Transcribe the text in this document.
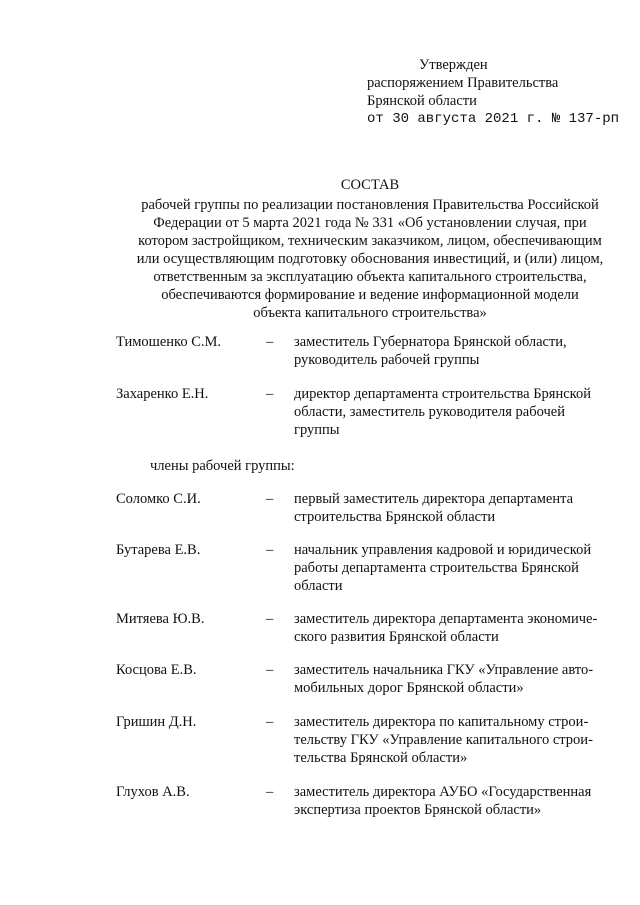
Утвержден
распоряжением Правительства
Брянской области
от 30 августа 2021 г. № 137-рп
СОСТАВ
рабочей группы по реализации постановления Правительства Российской
Федерации от 5 марта 2021 года № 331 «Об установлении случая, при
котором застройщиком, техническим заказчиком, лицом, обеспечивающим
или осуществляющим подготовку обоснования инвестиций, и (или) лицом,
ответственным за эксплуатацию объекта капитального строительства,
обеспечиваются формирование и ведение информационной модели
объекта капитального строительства»
Тимошенко С.М.	– заместитель Губернатора Брянской области,
руководитель рабочей группы
Захаренко Е.Н.	– директор департамента строительства Брянской
области, заместитель руководителя рабочей
группы
члены рабочей группы:
Соломко С.И.	– первый заместитель директора департамента
строительства Брянской области
Бутарева Е.В.	– начальник управления кадровой и юридической
работы департамента строительства Брянской
области
Митяева Ю.В.	– заместитель директора департамента экономиче-
ского развития Брянской области
Косцова Е.В.	– заместитель начальника ГКУ «Управление авто-
мобильных дорог Брянской области»
Гришин Д.Н.	– заместитель директора по капитальному строи-
тельству ГКУ «Управление капитального строи-
тельства Брянской области»
Глухов А.В.	– заместитель директора АУБО «Государственная
экспертиза проектов Брянской области»
